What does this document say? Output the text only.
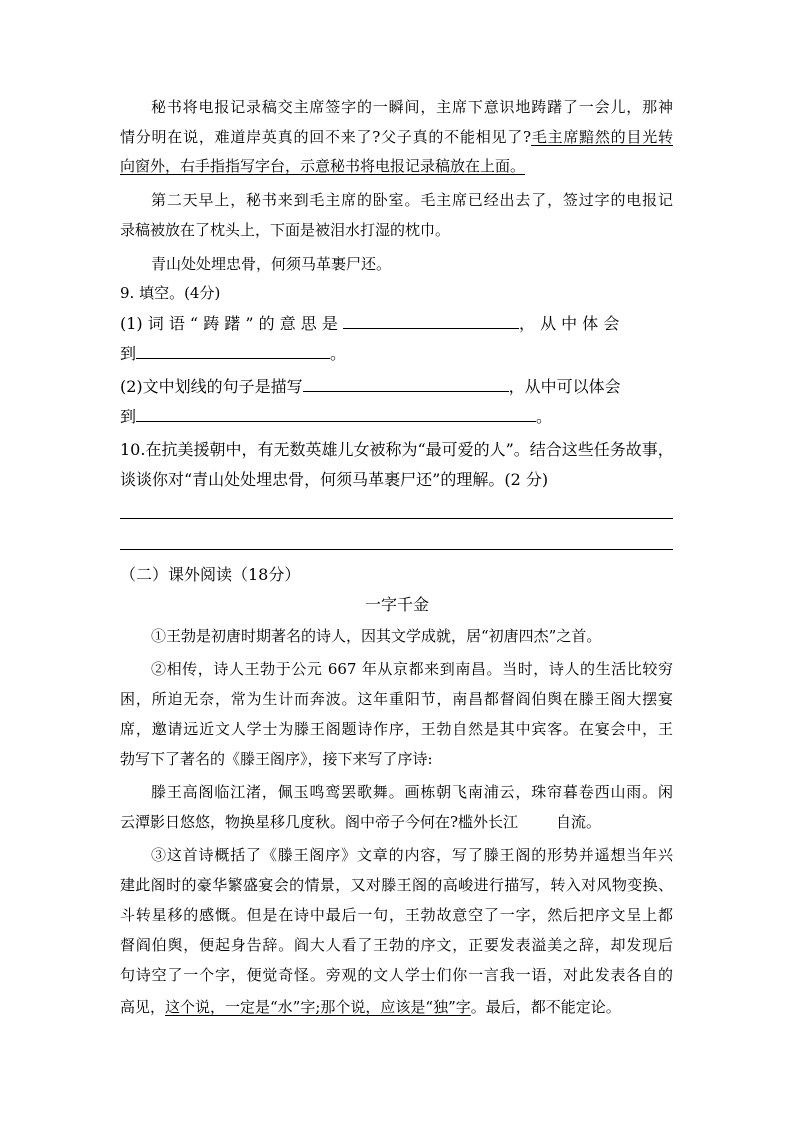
秘书将电报记录稿交主席签字的一瞬间，主席下意识地踌躇了一会儿，那神
情分明在说，难道岸英真的回不来了?父子真的不能相见了?毛主席黯然的目光转
向窗外，右手指指写字台，示意秘书将电报记录稿放在上面。
第二天早上，秘书来到毛主席的卧室。毛主席已经出去了，签过字的电报记
录稿被放在了枕头上，下面是被泪水打湿的枕巾。
青山处处埋忠骨，何须马革裹尸还。
9. 填空。(4分)
(1) 词 语 “ 踌 躇 ” 的 意 思 是	， 从 中 体 会
到	。
(2)文中划线的句子是描写	，从中可以体会
到	。
10.在抗美援朝中，有无数英雄儿女被称为“最可爱的人”。结合这些任务故事，
谈谈你对“青山处处埋忠骨，何须马革裹尸还”的理解。(2 分)
（二）课外阅读（18分）
一字千金
①王勃是初唐时期著名的诗人，因其文学成就，居“初唐四杰”之首。
②相传，诗人王勃于公元 667 年从京都来到南昌。当时，诗人的生活比较穷
困，所迫无奈，常为生计而奔波。这年重阳节，南昌都督阎伯舆在滕王阁大摆宴
席，邀请远近文人学士为滕王阁题诗作序，王勃自然是其中宾客。在宴会中，王
勃写下了著名的《滕王阁序》，接下来写了序诗:
滕王高阁临江渚，佩玉鸣鸾罢歌舞。画栋朝飞南浦云，珠帘暮卷西山雨。闲
云潭影日悠悠，物换星移几度秋。阁中帝子今何在?槛外长江	自流。
③这首诗概括了《滕王阁序》文章的内容，写了滕王阁的形势并遥想当年兴
建此阁时的豪华繁盛宴会的情景，又对滕王阁的高峻进行描写，转入对风物变换、
斗转星移的感慨。但是在诗中最后一句，王勃故意空了一字，然后把序文呈上都
督阎伯舆，便起身告辞。阎大人看了王勃的序文，正要发表溢美之辞，却发现后
句诗空了一个字，便觉奇怪。旁观的文人学士们你一言我一语，对此发表各自的
高见，这个说，一定是“水”字;那个说，应该是“独”字。最后，都不能定论。
